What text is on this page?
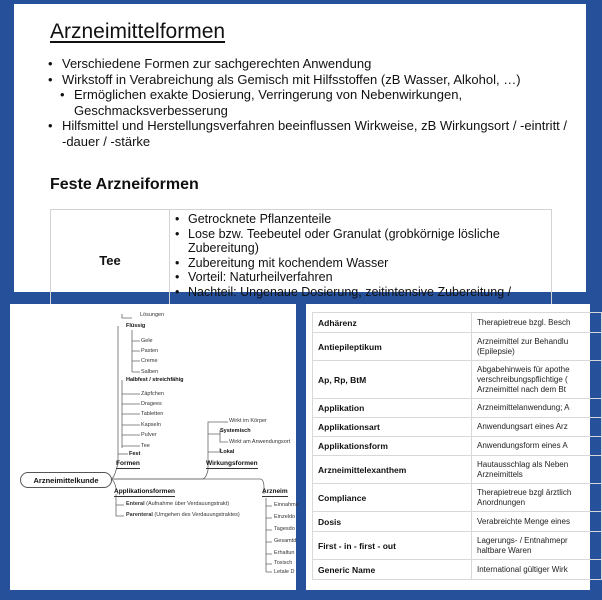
Arzneimittelformen
• Verschiedene Formen zur sachgerechten Anwendung
• Wirkstoff in Verabreichung als Gemisch mit Hilfsstoffen (zB Wasser, Alkohol, …)
• Ermöglichen exakte Dosierung, Verringerung von Nebenwirkungen, Geschmacksverbesserung
• Hilfsmittel und Herstellungsverfahren beeinflussen Wirkweise, zB Wirkungsort / -eintritt / -dauer / -stärke
Feste Arzneiformen
Tee
• Getrocknete Pflanzenteile
• Lose bzw. Teebeutel oder Granulat (grobkörnige lösliche Zubereitung)
• Zubereitung mit kochendem Wasser
• Vorteil: Naturheilverfahren
• Nachteil: Ungenaue Dosierung, zeitintensive Zubereitung /
Lösungen
Flüssig
Gele
Pasten
Creme
Salben
Halbfest / streichfähig
Zäpfchen
Dragees
Tabletten
Kapseln
Pulver
Tee
Fest
Formen
Wirkt im Körper
Systemisch
Wirkt am Anwendungsort
Lokal
Wirkungsformen
Arzneimittelkunde
Applikationsformen
Enteral (Aufnahme über Verdauungstrakt)
Parenteral (Umgehen des Verdauungstraktes)
Arzneim
Einnahme
Einzeldo
Tagesdo
Gesamtd
Erhaltun
Toxisch
Letale D
Adhärenz	Therapietreue bzgl. Besch
Antiepileptikum	Arzneimittel zur Behandlu
(Epilepsie)
Ap, Rp, BtM	Abgabehinweis für apothe
verschreibungspflichtige (
Arzneimittel nach dem Bt
Applikation	Arzneimittelanwendung; A
Applikationsart	Anwendungsart eines Arz
Applikationsform	Anwendungsform eines A
Arzneimittelexanthem	Hautausschlag als Neben
Arzneimittels
Compliance	Therapietreue bzgl ärztlich
Anordnungen
Dosis	Verabreichte Menge eines
First - in - first - out	Lagerungs- / Entnahmepr
haltbare Waren
Generic Name	International gültiger Wirk
